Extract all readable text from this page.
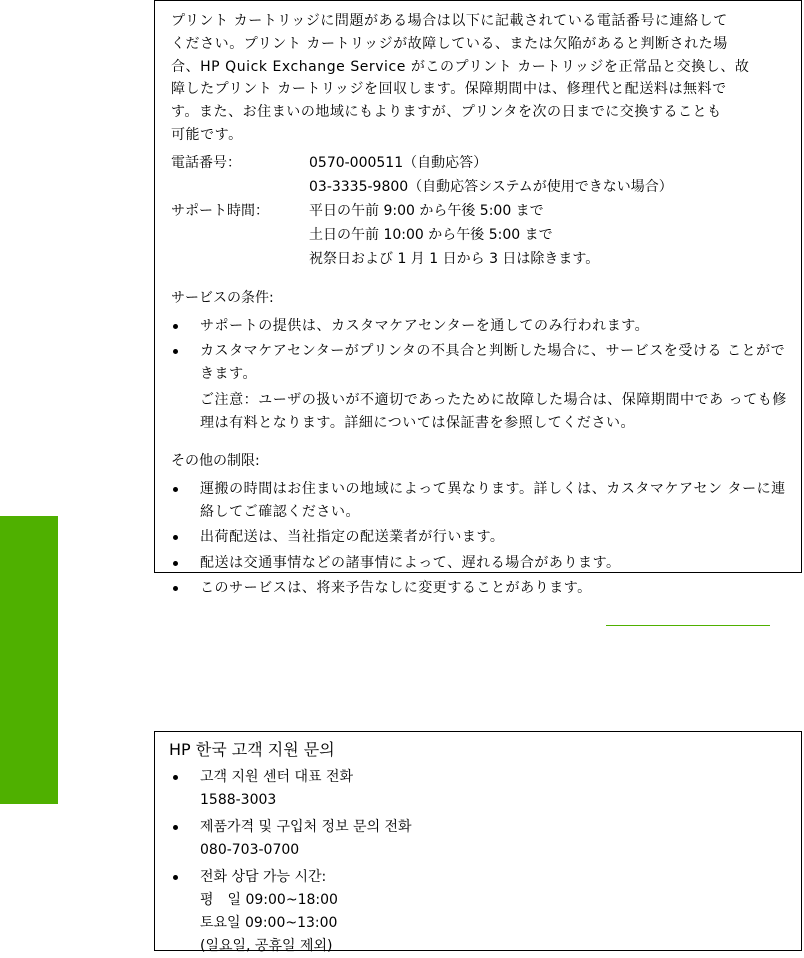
プリント カートリッジに問題がある場合は以下に記載されている電話番号に連絡して
ください。プリント カートリッジが故障している、または欠陥があると判断された場
合、HP Quick Exchange Service がこのプリント カートリッジを正常品と交換し、故
障したプリント カートリッジを回収します。保障期間中は、修理代と配送料は無料で
す。また、お住まいの地域にもよりますが、プリンタを次の日までに交換することも
可能です。

電話番号：	0570-000511（自動応答）
03-3335-9800（自動応答システムが使用できない場合）
サポート時間：	平日の午前 9:00 から午後 5:00 まで
土日の午前 10:00 から午後 5:00 まで
祝祭日および 1 月 1 日から 3 日は除きます。

サービスの条件:

サポートの提供は、カスタマケアセンターを通してのみ行われます。
カスタマケアセンターがプリンタの不具合と判断した場合に、サービスを受ける ことができます。
ご注意：ユーザの扱いが不適切であったために故障した場合は、保障期間中であ っても修理は有料となります。詳細については保証書を参照してください。

その他の制限:

運搬の時間はお住まいの地域によって異なります。詳しくは、カスタマケアセン ターに連絡してご確認ください。
出荷配送は、当社指定の配送業者が行います。
配送は交通事情などの諸事情によって、遅れる場合があります。
このサービスは、将来予告なしに変更することがあります。

HP 한국 고객 지원 문의

고객 지원 센터 대표 전화
1588-3003
제품가격 및 구입처 정보 문의 전화
080-703-0700
전화 상담 가능 시간:
평　일 09:00~18:00
토요일 09:00~13:00
(일요일, 공휴일 제외)
